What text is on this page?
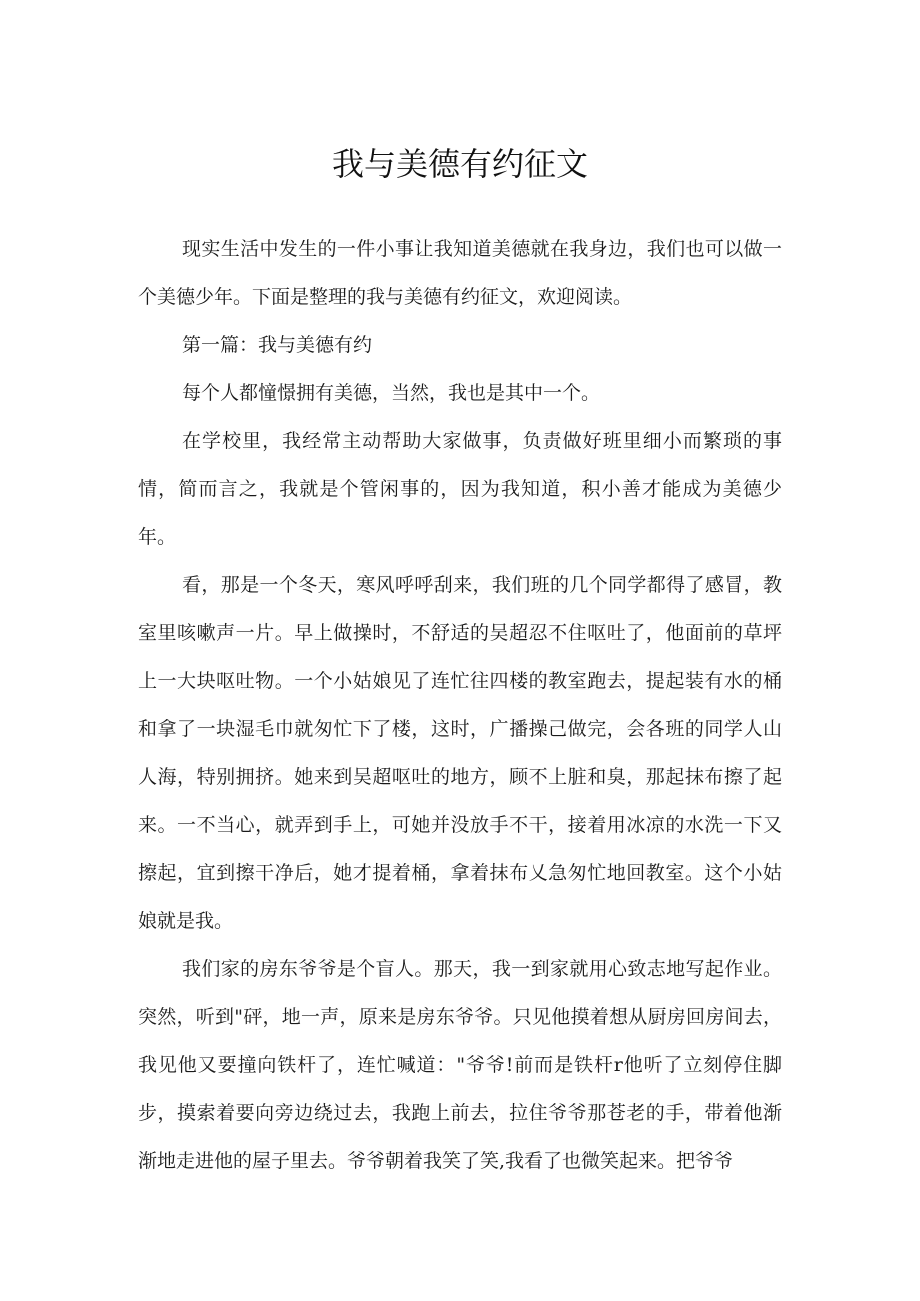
我与美德有约征文

现实生活中发生的一件小事让我知道美德就在我身边，我们也可以做一个美德少年。下面是整理的我与美德有约征文，欢迎阅读。

第一篇：我与美德有约

每个人都憧憬拥有美德，当然，我也是其中一个。

在学校里，我经常主动帮助大家做事，负责做好班里细小而繁琐的事情，简而言之，我就是个管闲事的，因为我知道，积小善才能成为美德少年。

看，那是一个冬天，寒风呼呼刮来，我们班的几个同学都得了感冒，教室里咳嗽声一片。早上做操时，不舒适的吴超忍不住呕吐了，他面前的草坪上一大块呕吐物。一个小姑娘见了连忙往四楼的教室跑去，提起装有水的桶和拿了一块湿毛巾就匆忙下了楼，这时，广播操己做完，会各班的同学人山人海，特别拥挤。她来到吴超呕吐的地方，顾不上脏和臭，那起抹布擦了起来。一不当心，就弄到手上，可她并没放手不干，接着用冰凉的水洗一下又擦起，宜到擦干净后，她才提着桶，拿着抹布乂急匆忙地回教室。这个小姑娘就是我。

我们家的房东爷爷是个盲人。那天，我一到家就用心致志地写起作业。突然，听到"砰，地一声，原来是房东爷爷。只见他摸着想从厨房回房间去，我见他又要撞向铁杆了，连忙喊道："爷爷!前而是铁杆r他听了立刻停住脚步，摸索着要向旁边绕过去，我跑上前去，拉住爷爷那苍老的手，带着他渐渐地走进他的屋子里去。爷爷朝着我笑了笑,我看了也微笑起来。把爷爷
